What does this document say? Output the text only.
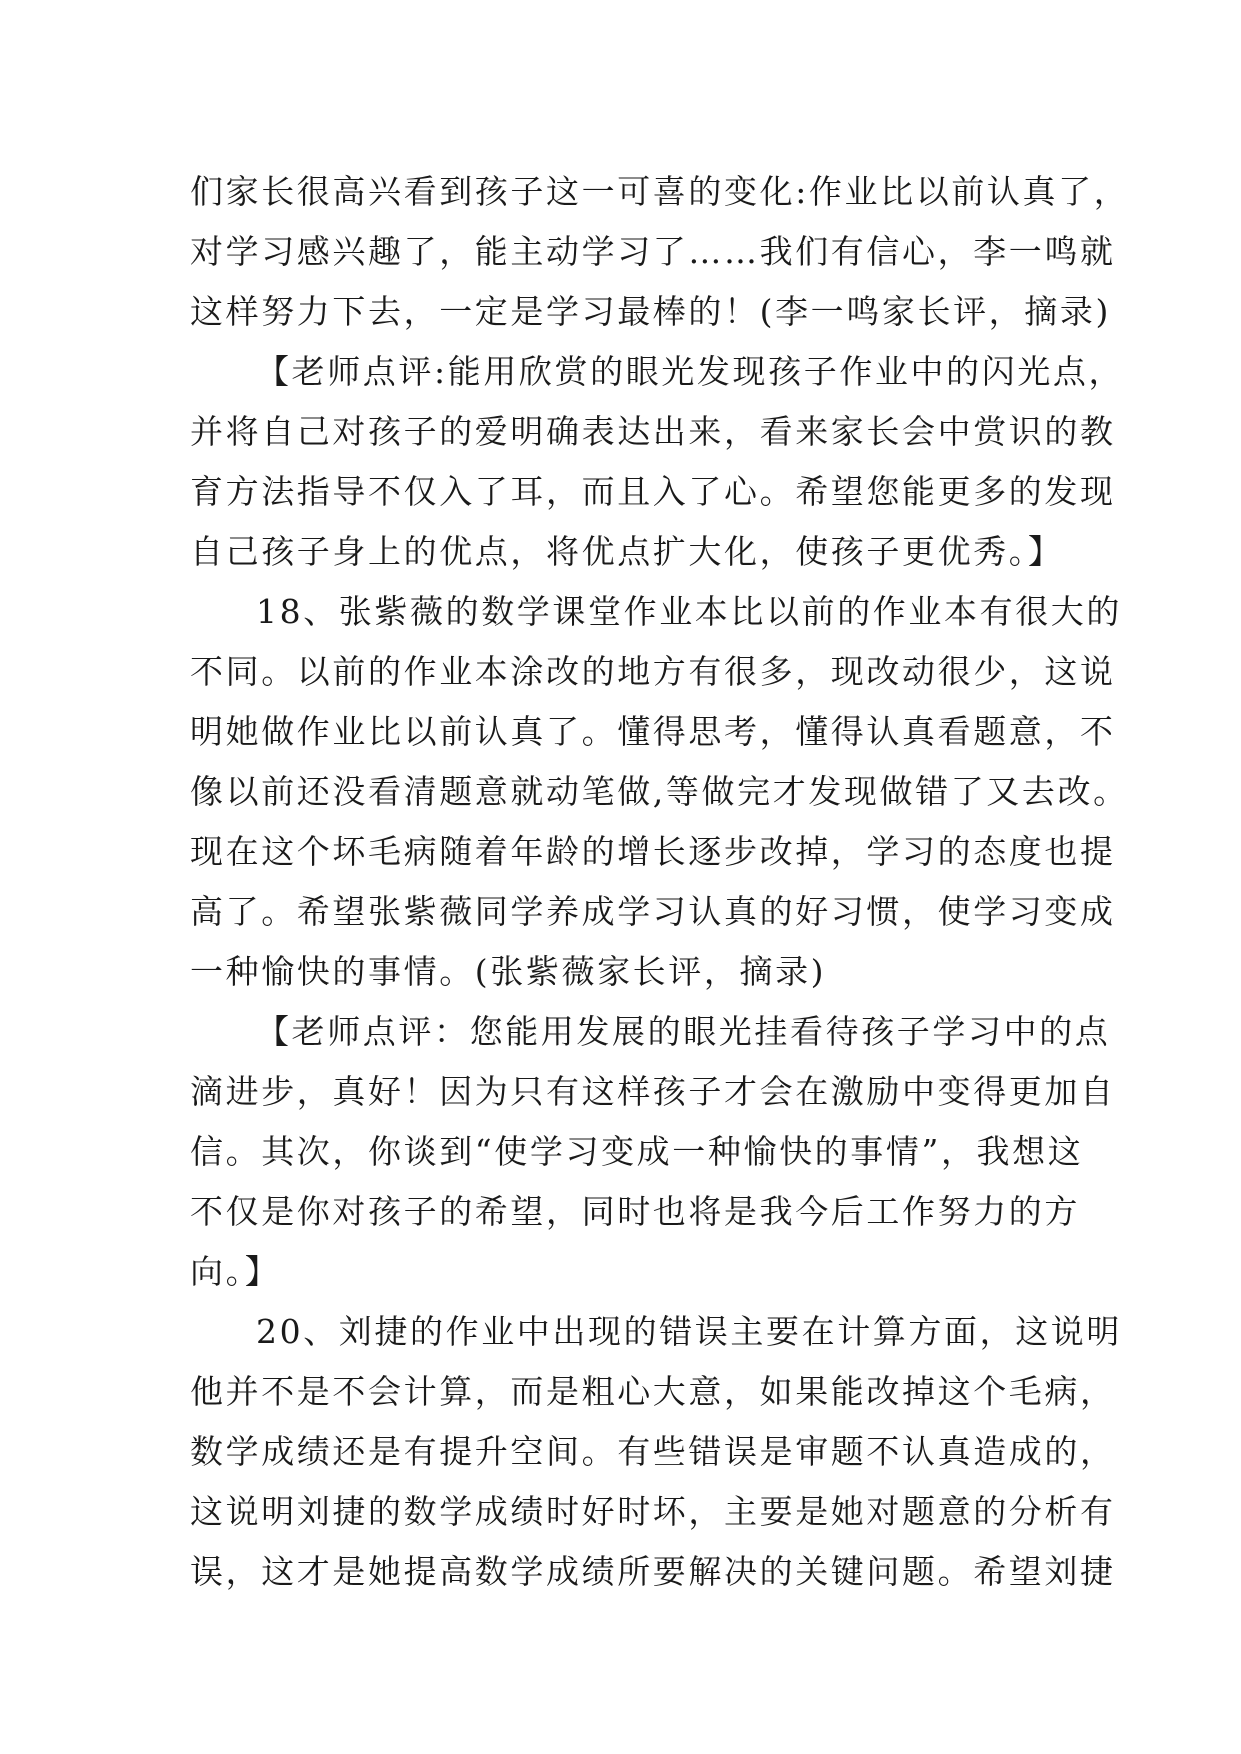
们家长很高兴看到孩子这一可喜的变化:作业比以前认真了，
对学习感兴趣了，能主动学习了……我们有信心，李一鸣就
这样努力下去，一定是学习最棒的！(李一鸣家长评，摘录)
【老师点评:能用欣赏的眼光发现孩子作业中的闪光点，
并将自己对孩子的爱明确表达出来，看来家长会中赏识的教
育方法指导不仅入了耳，而且入了心。希望您能更多的发现
自己孩子身上的优点，将优点扩大化，使孩子更优秀。】
18、张紫薇的数学课堂作业本比以前的作业本有很大的
不同。以前的作业本涂改的地方有很多，现改动很少，这说
明她做作业比以前认真了。懂得思考，懂得认真看题意，不
像以前还没看清题意就动笔做,等做完才发现做错了又去改。
现在这个坏毛病随着年龄的增长逐步改掉，学习的态度也提
高了。希望张紫薇同学养成学习认真的好习惯，使学习变成
一种愉快的事情。(张紫薇家长评，摘录)
【老师点评：您能用发展的眼光挂看待孩子学习中的点
滴进步，真好！因为只有这样孩子才会在激励中变得更加自
信。其次，你谈到“使学习变成一种愉快的事情”，我想这
不仅是你对孩子的希望，同时也将是我今后工作努力的方
向。】
20、刘捷的作业中出现的错误主要在计算方面，这说明
他并不是不会计算，而是粗心大意，如果能改掉这个毛病，
数学成绩还是有提升空间。有些错误是审题不认真造成的，
这说明刘捷的数学成绩时好时坏，主要是她对题意的分析有
误，这才是她提高数学成绩所要解决的关键问题。希望刘捷
